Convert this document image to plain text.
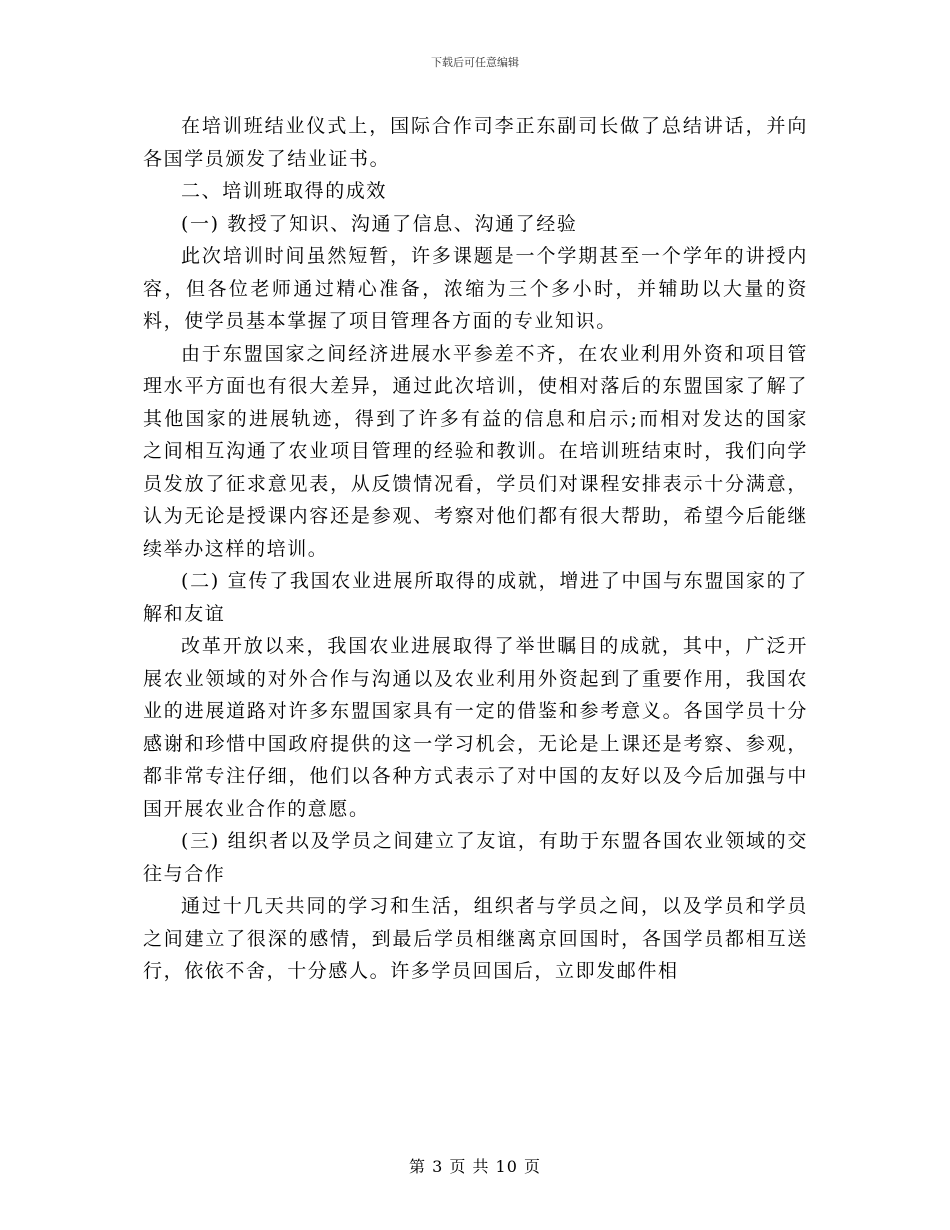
下载后可任意编辑

在培训班结业仪式上，国际合作司李正东副司长做了总结讲话，并向各国学员颁发了结业证书。

二、培训班取得的成效

(一) 教授了知识、沟通了信息、沟通了经验

此次培训时间虽然短暂，许多课题是一个学期甚至一个学年的讲授内容，但各位老师通过精心准备，浓缩为三个多小时，并辅助以大量的资料，使学员基本掌握了项目管理各方面的专业知识。

由于东盟国家之间经济进展水平参差不齐，在农业利用外资和项目管理水平方面也有很大差异，通过此次培训，使相对落后的东盟国家了解了其他国家的进展轨迹，得到了许多有益的信息和启示;而相对发达的国家之间相互沟通了农业项目管理的经验和教训。在培训班结束时，我们向学员发放了征求意见表，从反馈情况看，学员们对课程安排表示十分满意，认为无论是授课内容还是参观、考察对他们都有很大帮助，希望今后能继续举办这样的培训。

(二) 宣传了我国农业进展所取得的成就，增进了中国与东盟国家的了解和友谊

改革开放以来，我国农业进展取得了举世瞩目的成就，其中，广泛开展农业领域的对外合作与沟通以及农业利用外资起到了重要作用，我国农业的进展道路对许多东盟国家具有一定的借鉴和参考意义。各国学员十分感谢和珍惜中国政府提供的这一学习机会，无论是上课还是考察、参观，都非常专注仔细，他们以各种方式表示了对中国的友好以及今后加强与中国开展农业合作的意愿。

(三) 组织者以及学员之间建立了友谊，有助于东盟各国农业领域的交往与合作

通过十几天共同的学习和生活，组织者与学员之间，以及学员和学员之间建立了很深的感情，到最后学员相继离京回国时，各国学员都相互送行，依依不舍，十分感人。许多学员回国后，立即发邮件相

第 3 页 共 10 页
